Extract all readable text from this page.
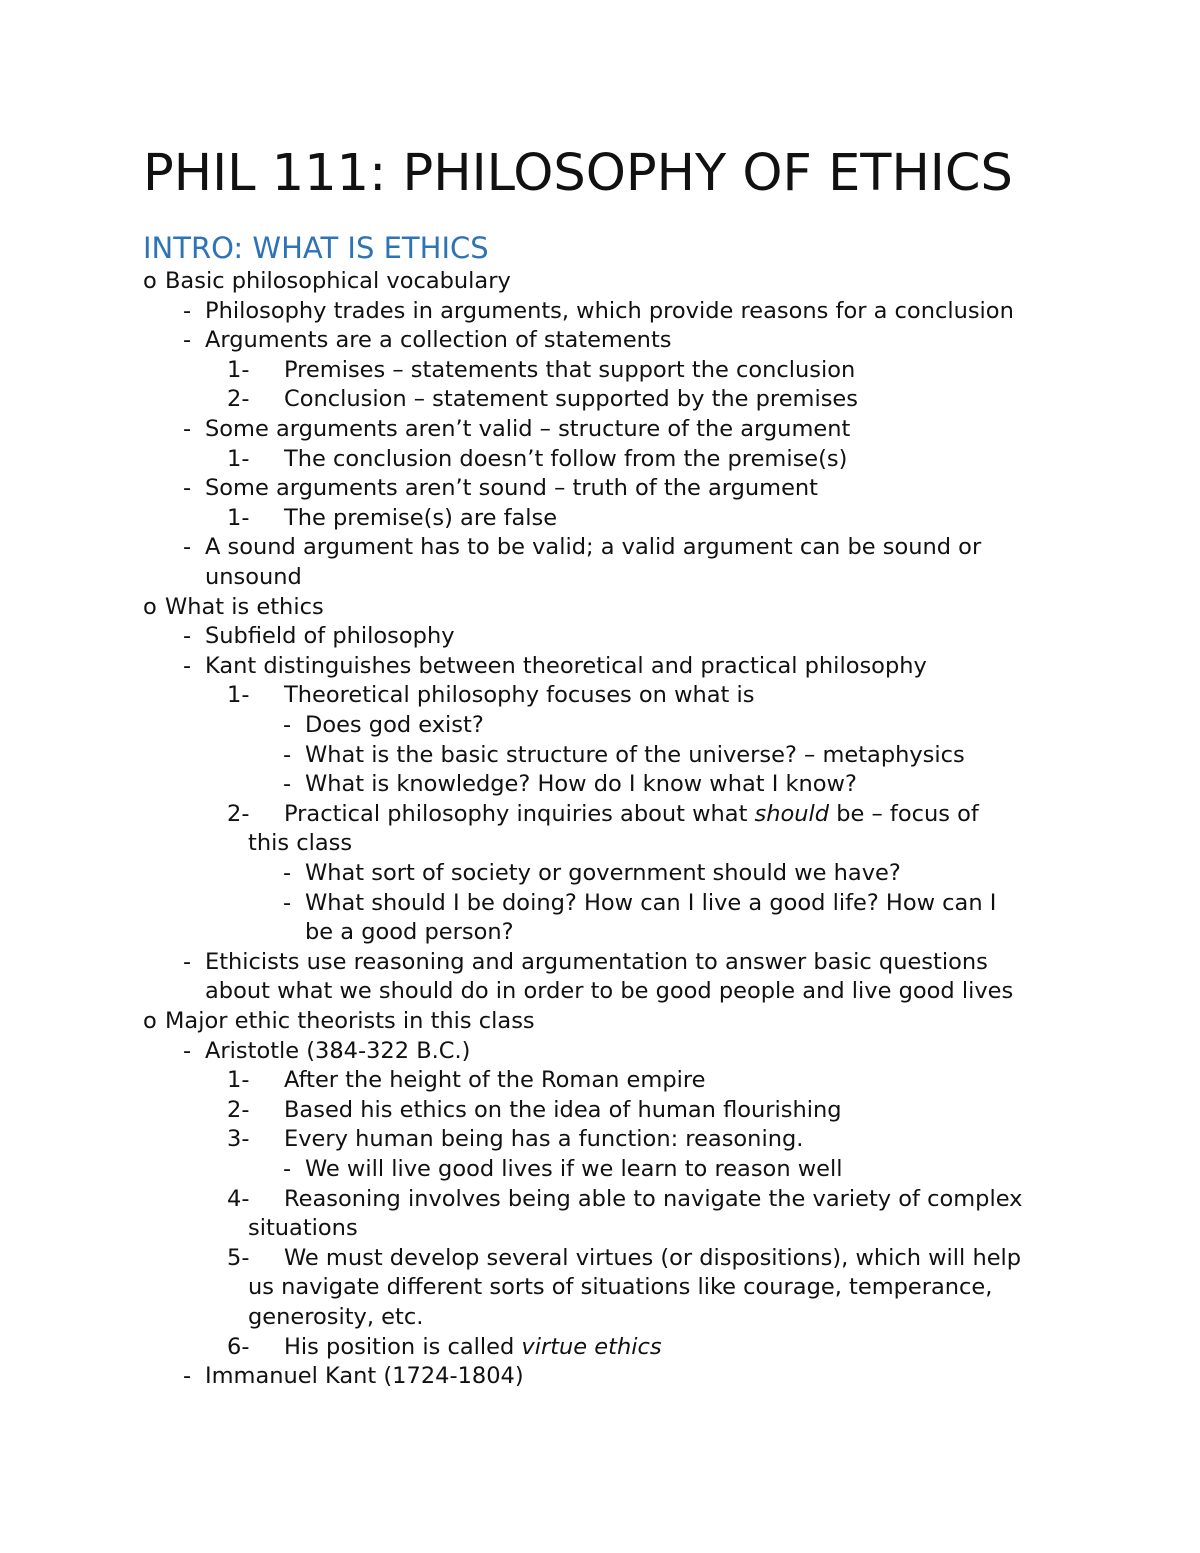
PHIL 111: PHILOSOPHY OF ETHICS
INTRO: WHAT IS ETHICS
o Basic philosophical vocabulary
- Philosophy trades in arguments, which provide reasons for a conclusion
- Arguments are a collection of statements
1- Premises – statements that support the conclusion
2- Conclusion – statement supported by the premises
- Some arguments aren’t valid – structure of the argument
1- The conclusion doesn’t follow from the premise(s)
- Some arguments aren’t sound – truth of the argument
1- The premise(s) are false
- A sound argument has to be valid; a valid argument can be sound or
unsound
o What is ethics
- Subfield of philosophy
- Kant distinguishes between theoretical and practical philosophy
1- Theoretical philosophy focuses on what is
- Does god exist?
- What is the basic structure of the universe? – metaphysics
- What is knowledge? How do I know what I know?
2- Practical philosophy inquiries about what should be – focus of
this class
- What sort of society or government should we have?
- What should I be doing? How can I live a good life? How can I
be a good person?
- Ethicists use reasoning and argumentation to answer basic questions
about what we should do in order to be good people and live good lives
o Major ethic theorists in this class
- Aristotle (384-322 B.C.)
1- After the height of the Roman empire
2- Based his ethics on the idea of human flourishing
3- Every human being has a function: reasoning.
- We will live good lives if we learn to reason well
4- Reasoning involves being able to navigate the variety of complex
situations
5- We must develop several virtues (or dispositions), which will help
us navigate different sorts of situations like courage, temperance,
generosity, etc.
6- His position is called virtue ethics
- Immanuel Kant (1724-1804)
